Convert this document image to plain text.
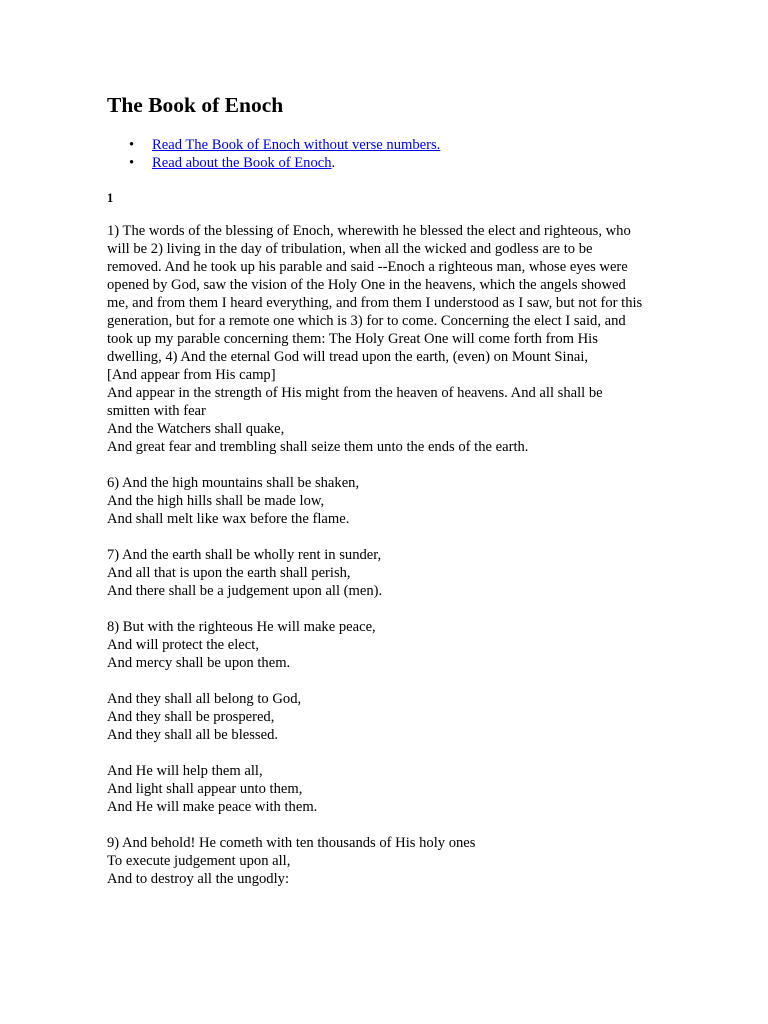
The Book of Enoch
• Read The Book of Enoch without verse numbers.
• Read about the Book of Enoch.

1

1) The words of the blessing of Enoch, wherewith he blessed the elect and righteous, who
will be 2) living in the day of tribulation, when all the wicked and godless are to be
removed. And he took up his parable and said --Enoch a righteous man, whose eyes were
opened by God, saw the vision of the Holy One in the heavens, which the angels showed
me, and from them I heard everything, and from them I understood as I saw, but not for this
generation, but for a remote one which is 3) for to come. Concerning the elect I said, and
took up my parable concerning them: The Holy Great One will come forth from His
dwelling, 4) And the eternal God will tread upon the earth, (even) on Mount Sinai,
[And appear from His camp]
And appear in the strength of His might from the heaven of heavens. And all shall be
smitten with fear
And the Watchers shall quake,
And great fear and trembling shall seize them unto the ends of the earth.
6) And the high mountains shall be shaken,
And the high hills shall be made low,
And shall melt like wax before the flame.
7) And the earth shall be wholly rent in sunder,
And all that is upon the earth shall perish,
And there shall be a judgement upon all (men).
8) But with the righteous He will make peace,
And will protect the elect,
And mercy shall be upon them.
And they shall all belong to God,
And they shall be prospered,
And they shall all be blessed.
And He will help them all,
And light shall appear unto them,
And He will make peace with them.
9) And behold! He cometh with ten thousands of His holy ones
To execute judgement upon all,
And to destroy all the ungodly:
